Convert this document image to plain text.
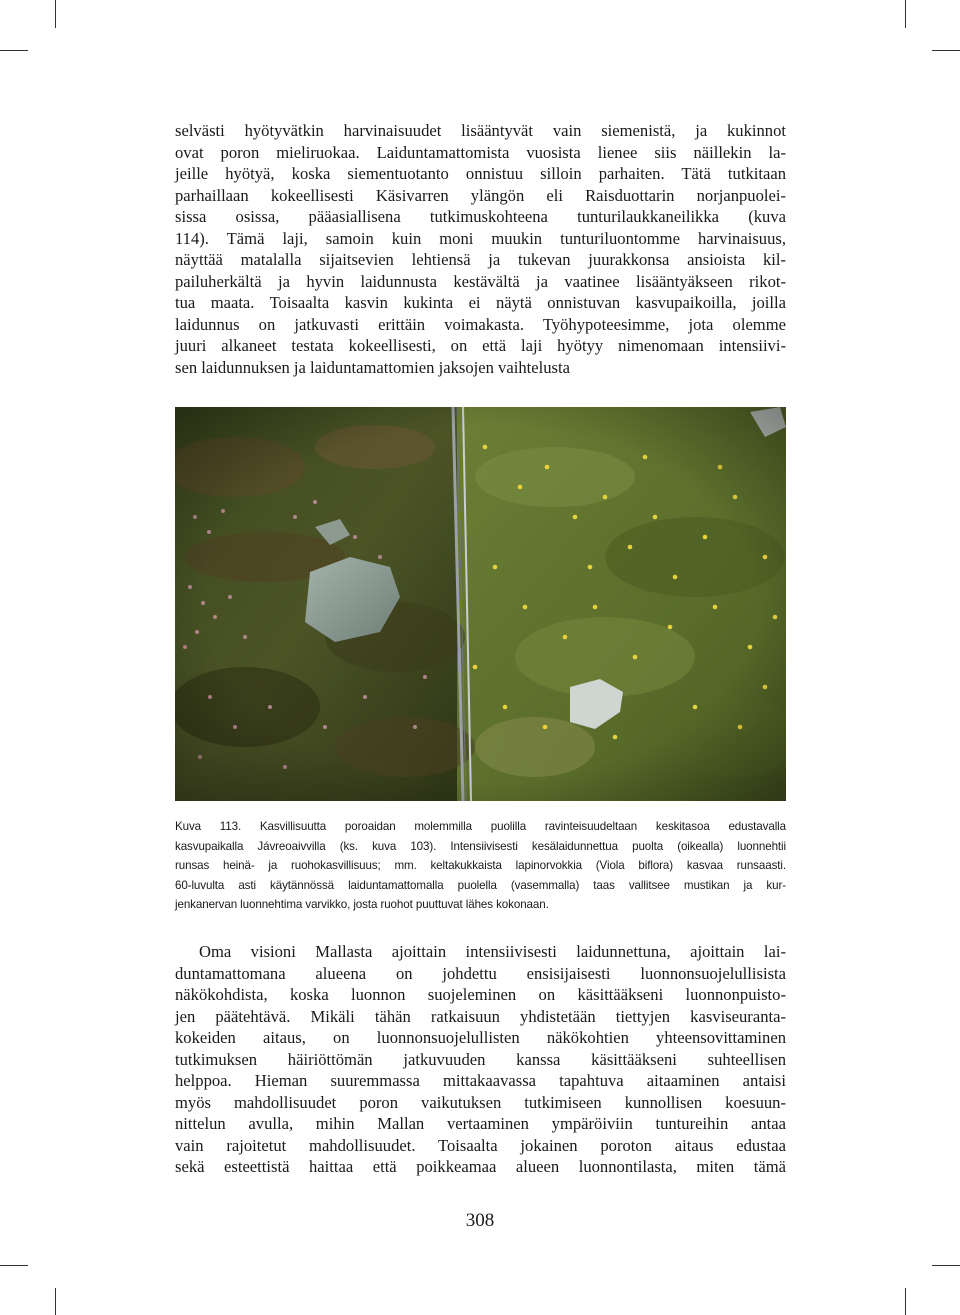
selvästi hyötyvätkin harvinaisuudet lisääntyvät vain siemenistä, ja kukinnot

ovat poron mieliruokaa. Laiduntamattomista vuosista lienee siis näillekin la-

jeille hyötyä, koska siementuotanto onnistuu silloin parhaiten. Tätä tutkitaan

parhaillaan kokeellisesti Käsivarren ylängön eli Raisduottarin norjanpuolei-

sissa osissa, pääasiallisena tutkimuskohteena tunturilaukkaneilikka (kuva

114). Tämä laji, samoin kuin moni muukin tunturiluontomme harvinaisuus,

näyttää matalalla sijaitsevien lehtiensä ja tukevan juurakkonsa ansioista kil-

pailuherkältä ja hyvin laidunnusta kestävältä ja vaatinee lisääntyäkseen rikot-

tua maata. Toisaalta kasvin kukinta ei näytä onnistuvan kasvupaikoilla, joilla

laidunnus on jatkuvasti erittäin voimakasta. Työhypoteesimme, jota olemme

juuri alkaneet testata kokeellisesti, on että laji hyötyy nimenomaan intensiivi-

sen laidunnuksen ja laiduntamattomien jaksojen vaihtelusta

Kuva 113. Kasvillisuutta poroaidan molemmilla puolilla ravinteisuudeltaan keskitasoa edustavalla

kasvupaikalla Jávreoaivvilla (ks. kuva 103). Intensiivisesti kesälaidunnettua puolta (oikealla) luonnehtii

runsas heinä- ja ruohokasvillisuus; mm. keltakukkaista lapinorvokkia (Viola biflora) kasvaa runsaasti.

60-luvulta asti käytännössä laiduntamattomalla puolella (vasemmalla) taas vallitsee mustikan ja kur-

jenkanervan luonnehtima varvikko, josta ruohot puuttuvat lähes kokonaan.

Oma visioni Mallasta ajoittain intensiivisesti laidunnettuna, ajoittain lai-

duntamattomana alueena on johdettu ensisijaisesti luonnonsuojelullisista

näkökohdista, koska luonnon suojeleminen on käsittääkseni luonnonpuisto-

jen päätehtävä. Mikäli tähän ratkaisuun yhdistetään tiettyjen kasviseuranta-

kokeiden aitaus, on luonnonsuojelullisten näkökohtien yhteensovittaminen

tutkimuksen häiriöttömän jatkuvuuden kanssa käsittääkseni suhteellisen

helppoa. Hieman suuremmassa mittakaavassa tapahtuva aitaaminen antaisi

myös mahdollisuudet poron vaikutuksen tutkimiseen kunnollisen koesuun-

nittelun avulla, mihin Mallan vertaaminen ympäröiviin tuntureihin antaa

vain rajoitetut mahdollisuudet. Toisaalta jokainen poroton aitaus edustaa

sekä esteettistä haittaa että poikkeamaa alueen luonnontilasta, miten tämä

308
